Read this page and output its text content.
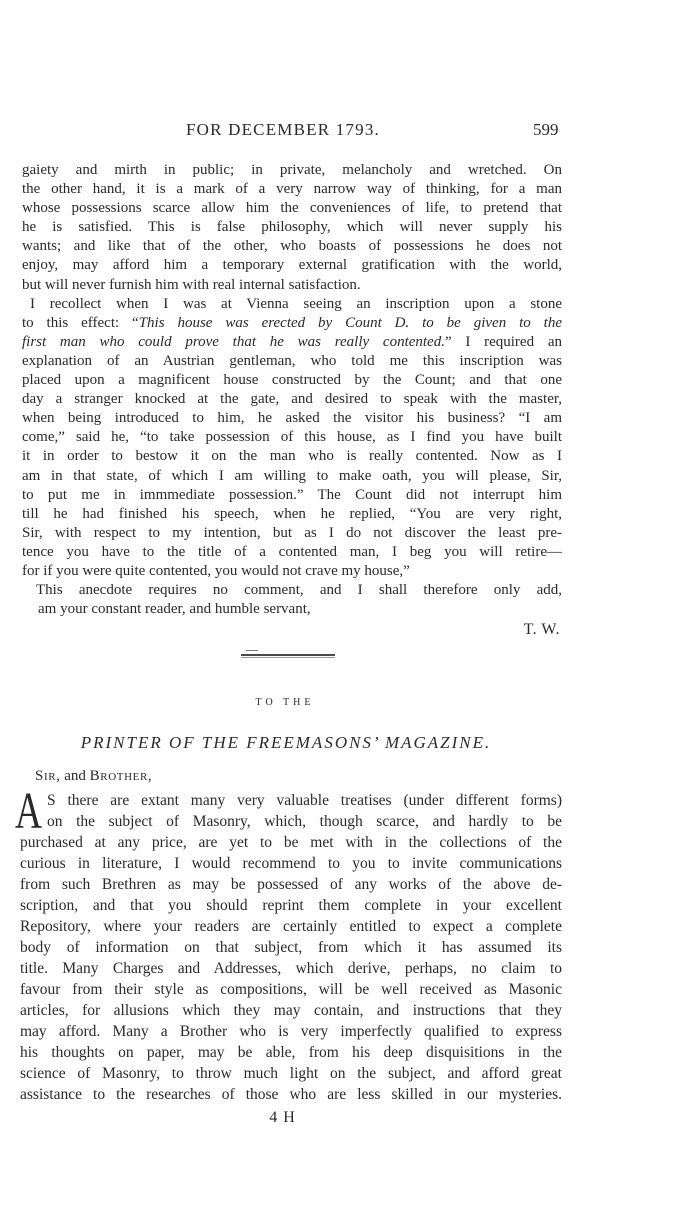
FOR DECEMBER 1793.	599
gaiety and mirth in public; in private, melancholy and wretched. On
the other hand, it is a mark of a very narrow way of thinking, for a man
whose possessions scarce allow him the conveniences of life, to pretend that
he is satisfied. This is false philosophy, which will never supply his
wants; and like that of the other, who boasts of possessions he does not
enjoy, may afford him a temporary external gratification with the world,
but will never furnish him with real internal satisfaction.
I recollect when I was at Vienna seeing an inscription upon a stone
to this effect: “This house was erected by Count D. to be given to the
first man who could prove that he was really contented.” I required an
explanation of an Austrian gentleman, who told me this inscription was
placed upon a magnificent house constructed by the Count; and that one
day a stranger knocked at the gate, and desired to speak with the master,
when being introduced to him, he asked the visitor his business? “I am
come,” said he, “to take possession of this house, as I find you have built
it in order to bestow it on the man who is really contented. Now as I
am in that state, of which I am willing to make oath, you will please, Sir,
to put me in immmediate possession.” The Count did not interrupt him
till he had finished his speech, when he replied, “You are very right,
Sir, with respect to my intention, but as I do not discover the least pre-
tence you have to the title of a contented man, I beg you will retire—
for if you were quite contented, you would not crave my house,”
This anecdote requires no comment, and I shall therefore only add,
am your constant reader, and humble servant,
T. W.
TO THE
PRINTER OF THE FREEMASONS’ MAGAZINE.
Sir, and Brother,
A S there are extant many very valuable treatises (under different forms)
on the subject of Masonry, which, though scarce, and hardly to be
purchased at any price, are yet to be met with in the collections of the
curious in literature, I would recommend to you to invite communications
from such Brethren as may be possessed of any works of the above de-
scription, and that you should reprint them complete in your excellent
Repository, where your readers are certainly entitled to expect a complete
body of information on that subject, from which it has assumed its
title. Many Charges and Addresses, which derive, perhaps, no claim to
favour from their style as compositions, will be well received as Masonic
articles, for allusions which they may contain, and instructions that they
may afford. Many a Brother who is very imperfectly qualified to express
his thoughts on paper, may be able, from his deep disquisitions in the
science of Masonry, to throw much light on the subject, and afford great
assistance to the researches of those who are less skilled in our mysteries.
4 H
